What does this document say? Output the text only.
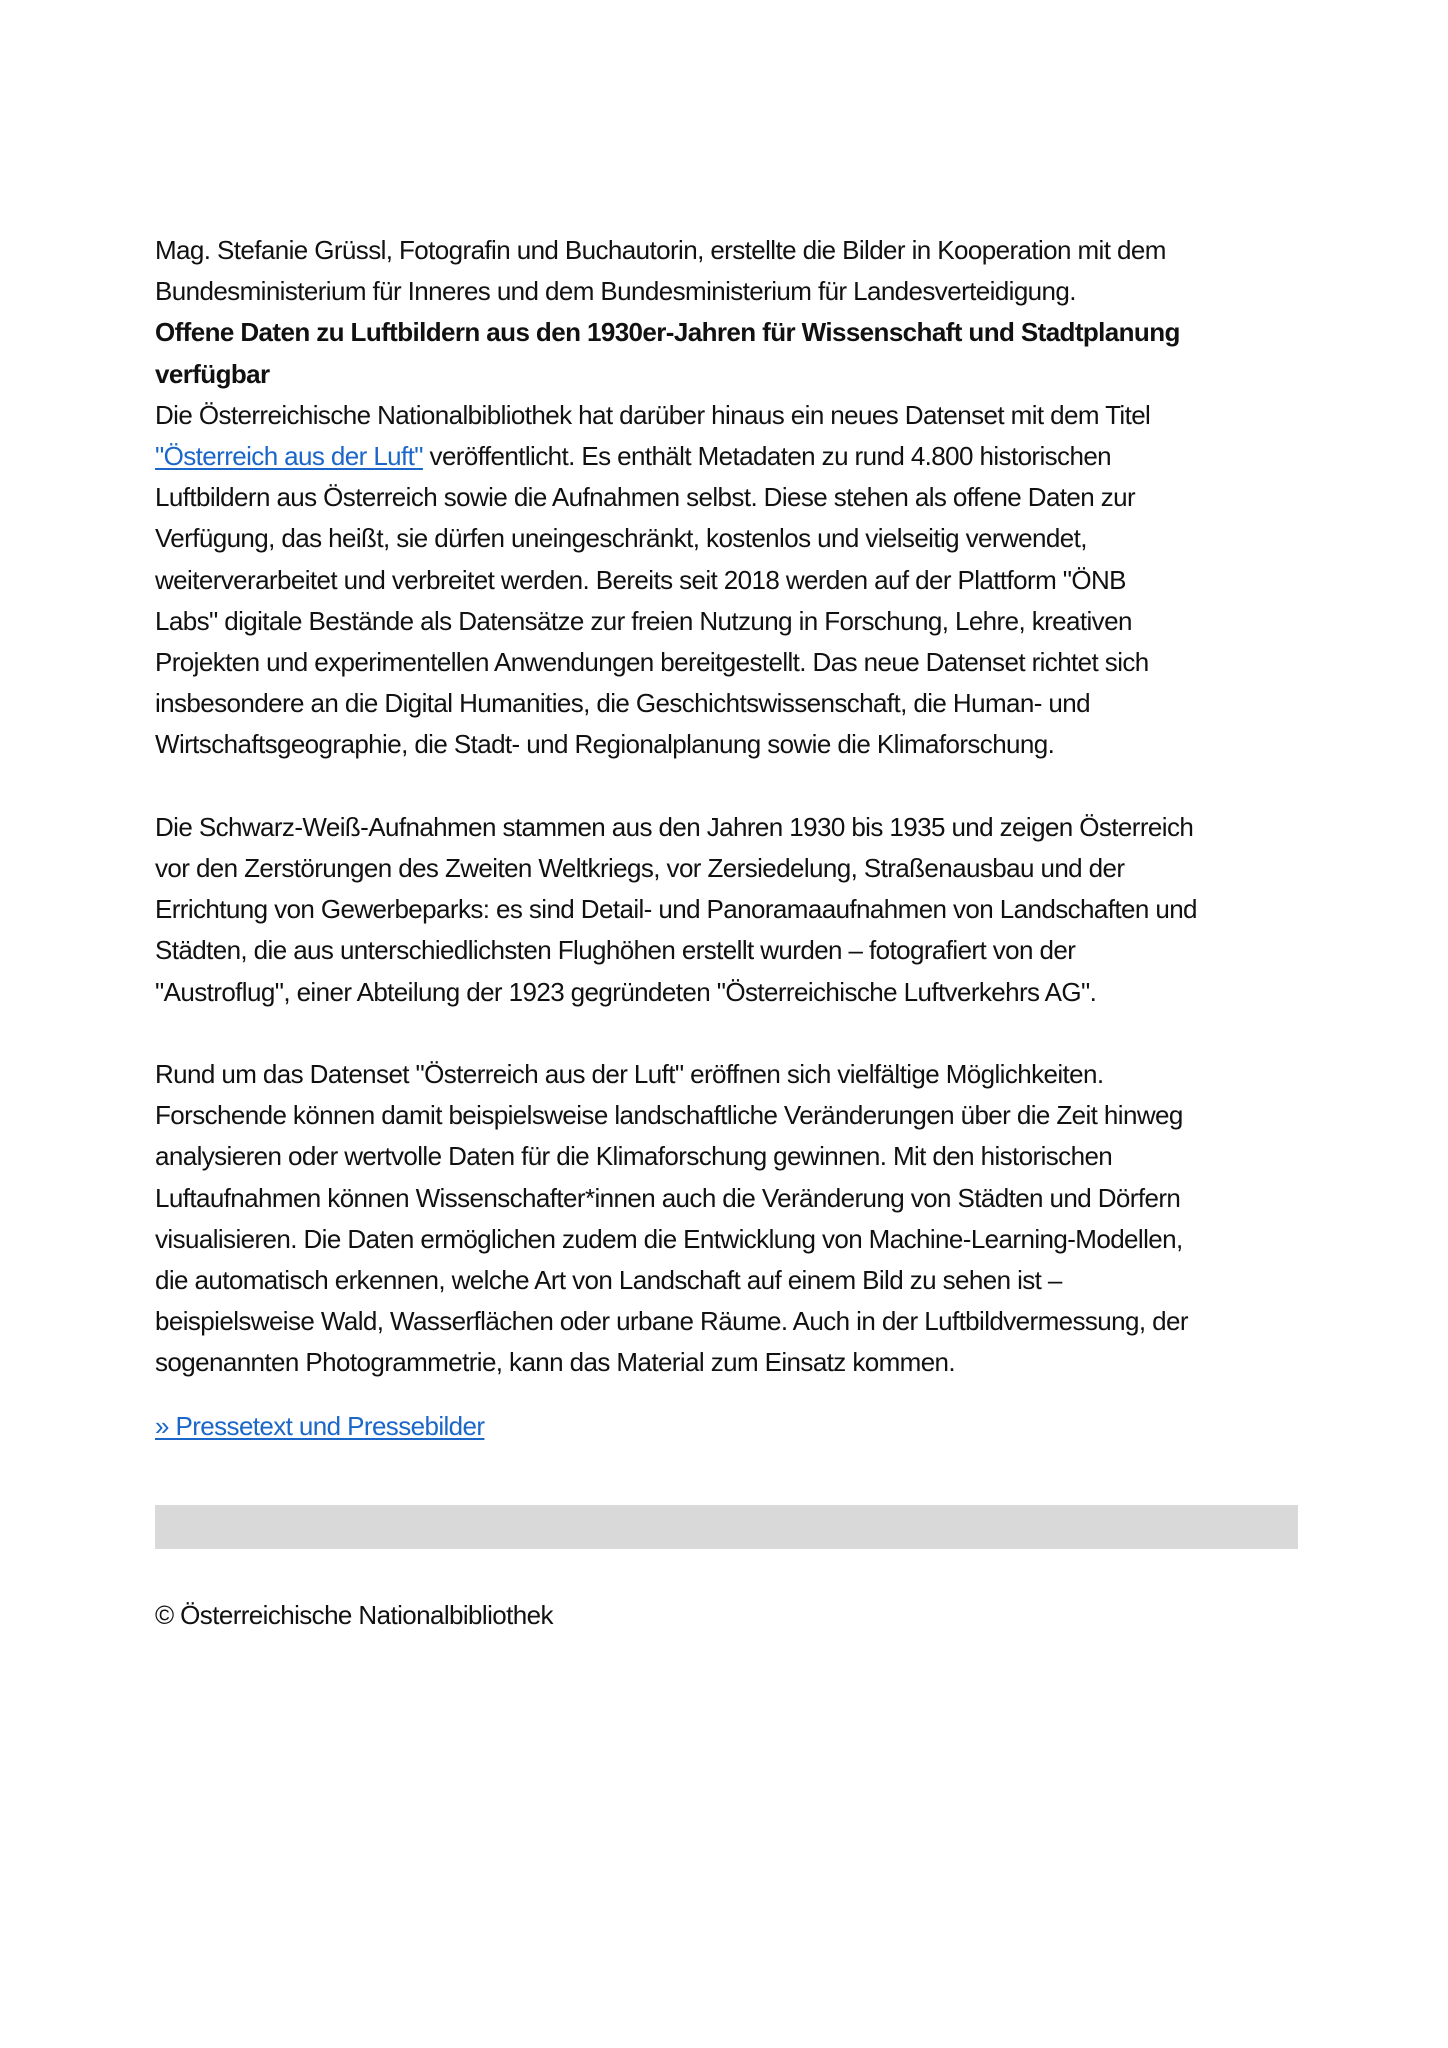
Mag. Stefanie Grüssl, Fotografin und Buchautorin, erstellte die Bilder in Kooperation mit dem
Bundesministerium für Inneres und dem Bundesministerium für Landesverteidigung.
Offene Daten zu Luftbildern aus den 1930er-Jahren für Wissenschaft und Stadtplanung
verfügbar
Die Österreichische Nationalbibliothek hat darüber hinaus ein neues Datenset mit dem Titel
"Österreich aus der Luft" veröffentlicht. Es enthält Metadaten zu rund 4.800 historischen
Luftbildern aus Österreich sowie die Aufnahmen selbst. Diese stehen als offene Daten zur
Verfügung, das heißt, sie dürfen uneingeschränkt, kostenlos und vielseitig verwendet,
weiterverarbeitet und verbreitet werden. Bereits seit 2018 werden auf der Plattform "ÖNB
Labs" digitale Bestände als Datensätze zur freien Nutzung in Forschung, Lehre, kreativen
Projekten und experimentellen Anwendungen bereitgestellt. Das neue Datenset richtet sich
insbesondere an die Digital Humanities, die Geschichtswissenschaft, die Human- und
Wirtschaftsgeographie, die Stadt- und Regionalplanung sowie die Klimaforschung.
Die Schwarz-Weiß-Aufnahmen stammen aus den Jahren 1930 bis 1935 und zeigen Österreich
vor den Zerstörungen des Zweiten Weltkriegs, vor Zersiedelung, Straßenausbau und der
Errichtung von Gewerbeparks: es sind Detail- und Panoramaaufnahmen von Landschaften und
Städten, die aus unterschiedlichsten Flughöhen erstellt wurden – fotografiert von der
"Austroflug", einer Abteilung der 1923 gegründeten "Österreichische Luftverkehrs AG".
Rund um das Datenset "Österreich aus der Luft" eröffnen sich vielfältige Möglichkeiten.
Forschende können damit beispielsweise landschaftliche Veränderungen über die Zeit hinweg
analysieren oder wertvolle Daten für die Klimaforschung gewinnen. Mit den historischen
Luftaufnahmen können Wissenschafter*innen auch die Veränderung von Städten und Dörfern
visualisieren. Die Daten ermöglichen zudem die Entwicklung von Machine-Learning-Modellen,
die automatisch erkennen, welche Art von Landschaft auf einem Bild zu sehen ist –
beispielsweise Wald, Wasserflächen oder urbane Räume. Auch in der Luftbildvermessung, der
sogenannten Photogrammetrie, kann das Material zum Einsatz kommen.
» Pressetext und Pressebilder
© Österreichische Nationalbibliothek
